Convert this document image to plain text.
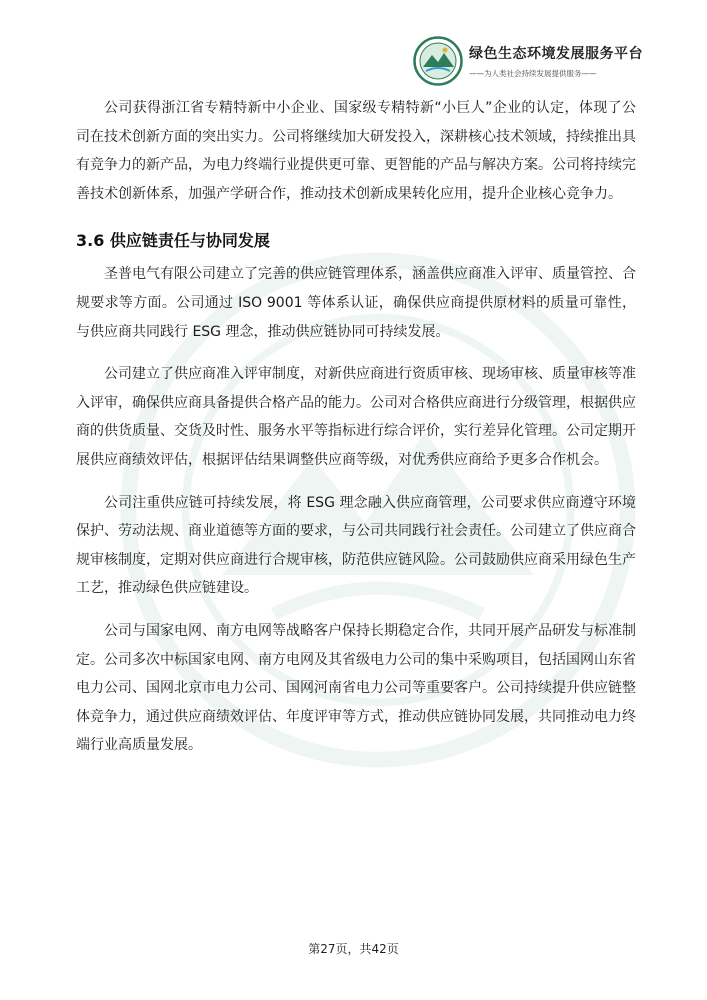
绿色生态环境发展服务平台
——为人类社会持续发展提供服务——

公司获得浙江省专精特新中小企业、国家级专精特新“小巨人”企业的认定，体现了公司在技术创新方面的突出实力。公司将继续加大研发投入，深耕核心技术领域，持续推出具有竞争力的新产品，为电力终端行业提供更可靠、更智能的产品与解决方案。公司将持续完善技术创新体系，加强产学研合作，推动技术创新成果转化应用，提升企业核心竞争力。

3.6 供应链责任与协同发展

圣普电气有限公司建立了完善的供应链管理体系，涵盖供应商准入评审、质量管控、合规要求等方面。公司通过 ISO 9001 等体系认证，确保供应商提供原材料的质量可靠性，与供应商共同践行 ESG 理念，推动供应链协同可持续发展。

公司建立了供应商准入评审制度，对新供应商进行资质审核、现场审核、质量审核等准入评审，确保供应商具备提供合格产品的能力。公司对合格供应商进行分级管理，根据供应商的供货质量、交货及时性、服务水平等指标进行综合评价，实行差异化管理。公司定期开展供应商绩效评估，根据评估结果调整供应商等级，对优秀供应商给予更多合作机会。

公司注重供应链可持续发展，将 ESG 理念融入供应商管理，公司要求供应商遵守环境保护、劳动法规、商业道德等方面的要求，与公司共同践行社会责任。公司建立了供应商合规审核制度，定期对供应商进行合规审核，防范供应链风险。公司鼓励供应商采用绿色生产工艺，推动绿色供应链建设。

公司与国家电网、南方电网等战略客户保持长期稳定合作，共同开展产品研发与标准制定。公司多次中标国家电网、南方电网及其省级电力公司的集中采购项目，包括国网山东省电力公司、国网北京市电力公司、国网河南省电力公司等重要客户。公司持续提升供应链整体竞争力，通过供应商绩效评估、年度评审等方式，推动供应链协同发展，共同推动电力终端行业高质量发展。

第27页，共42页
